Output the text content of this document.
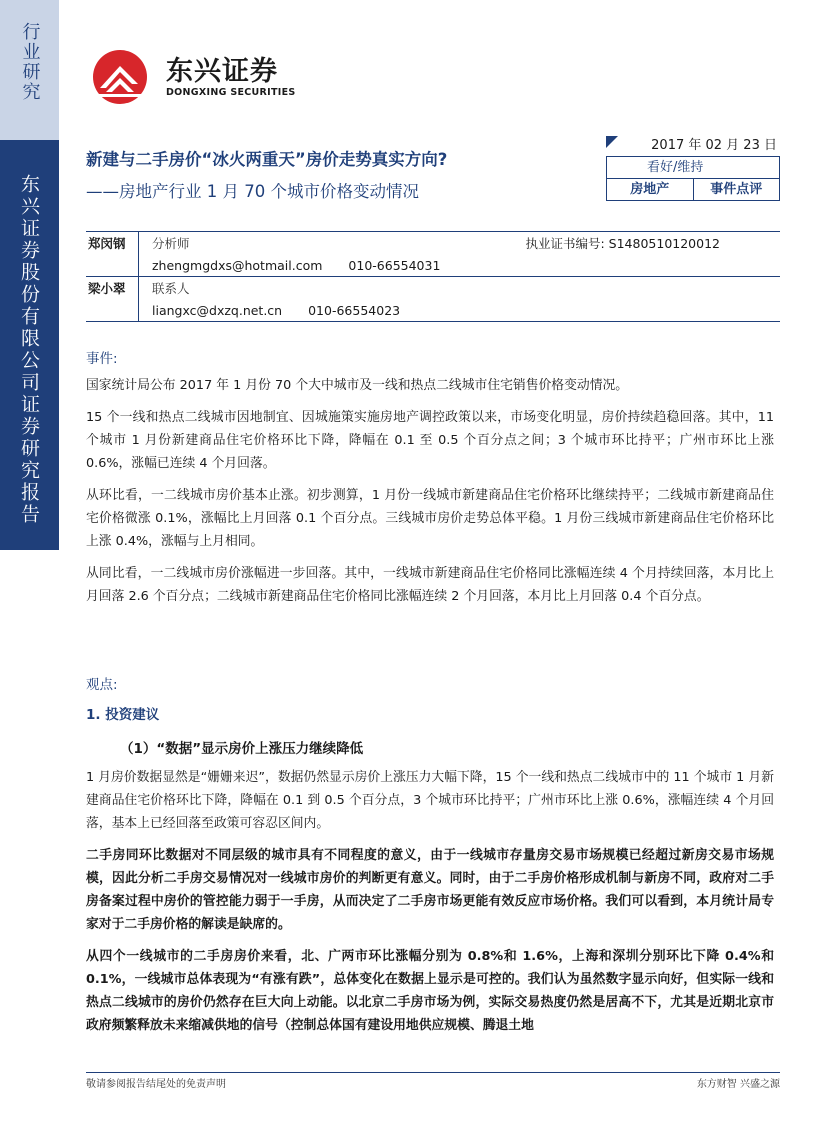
行业研究
东兴证券股份有限公司证券研究报告
东兴证券
DONGXING SECURITIES
新建与二手房价“冰火两重天”房价走势真实方向?
——房地产行业 1 月 70 个城市价格变动情况
2017 年 02 月 23 日
看好/维持
房地产	事件点评
郑闵钢	分析师	执业证书编号: S1480510120012
zhengmgdxs@hotmail.com	010-66554031
梁小翠	联系人
liangxc@dxzq.net.cn	010-66554023
事件:

国家统计局公布 2017 年 1 月份 70 个大中城市及一线和热点二线城市住宅销售价格变动情况。

15 个一线和热点二线城市因地制宜、因城施策实施房地产调控政策以来，市场变化明显，房价持续趋稳回落。其中，11 个城市 1 月份新建商品住宅价格环比下降，降幅在 0.1 至 0.5 个百分点之间；3 个城市环比持平；广州市环比上涨 0.6%，涨幅已连续 4 个月回落。

从环比看，一二线城市房价基本止涨。初步测算，1 月份一线城市新建商品住宅价格环比继续持平；二线城市新建商品住宅价格微涨 0.1%，涨幅比上月回落 0.1 个百分点。三线城市房价走势总体平稳。1 月份三线城市新建商品住宅价格环比上涨 0.4%，涨幅与上月相同。

从同比看，一二线城市房价涨幅进一步回落。其中，一线城市新建商品住宅价格同比涨幅连续 4 个月持续回落，本月比上月回落 2.6 个百分点；二线城市新建商品住宅价格同比涨幅连续 2 个月回落，本月比上月回落 0.4 个百分点。

观点:
1. 投资建议
（1）“数据”显示房价上涨压力继续降低

1 月房价数据显然是“姗姗来迟”，数据仍然显示房价上涨压力大幅下降，15 个一线和热点二线城市中的 11 个城市 1 月新建商品住宅价格环比下降，降幅在 0.1 到 0.5 个百分点，3 个城市环比持平；广州市环比上涨 0.6%，涨幅连续 4 个月回落，基本上已经回落至政策可容忍区间内。

二手房同环比数据对不同层级的城市具有不同程度的意义，由于一线城市存量房交易市场规模已经超过新房交易市场规模，因此分析二手房交易情况对一线城市房价的判断更有意义。同时，由于二手房价格形成机制与新房不同，政府对二手房备案过程中房价的管控能力弱于一手房，从而决定了二手房市场更能有效反应市场价格。我们可以看到，本月统计局专家对于二手房价格的解读是缺席的。

从四个一线城市的二手房房价来看，北、广两市环比涨幅分别为 0.8%和 1.6%，上海和深圳分别环比下降 0.4%和 0.1%，一线城市总体表现为“有涨有跌”，总体变化在数据上显示是可控的。我们认为虽然数字显示向好，但实际一线和热点二线城市的房价仍然存在巨大向上动能。以北京二手房市场为例，实际交易热度仍然是居高不下，尤其是近期北京市政府频繁释放未来缩减供地的信号（控制总体国有建设用地供应规模、腾退土地

敬请参阅报告结尾处的免责声明	东方财智 兴盛之源
